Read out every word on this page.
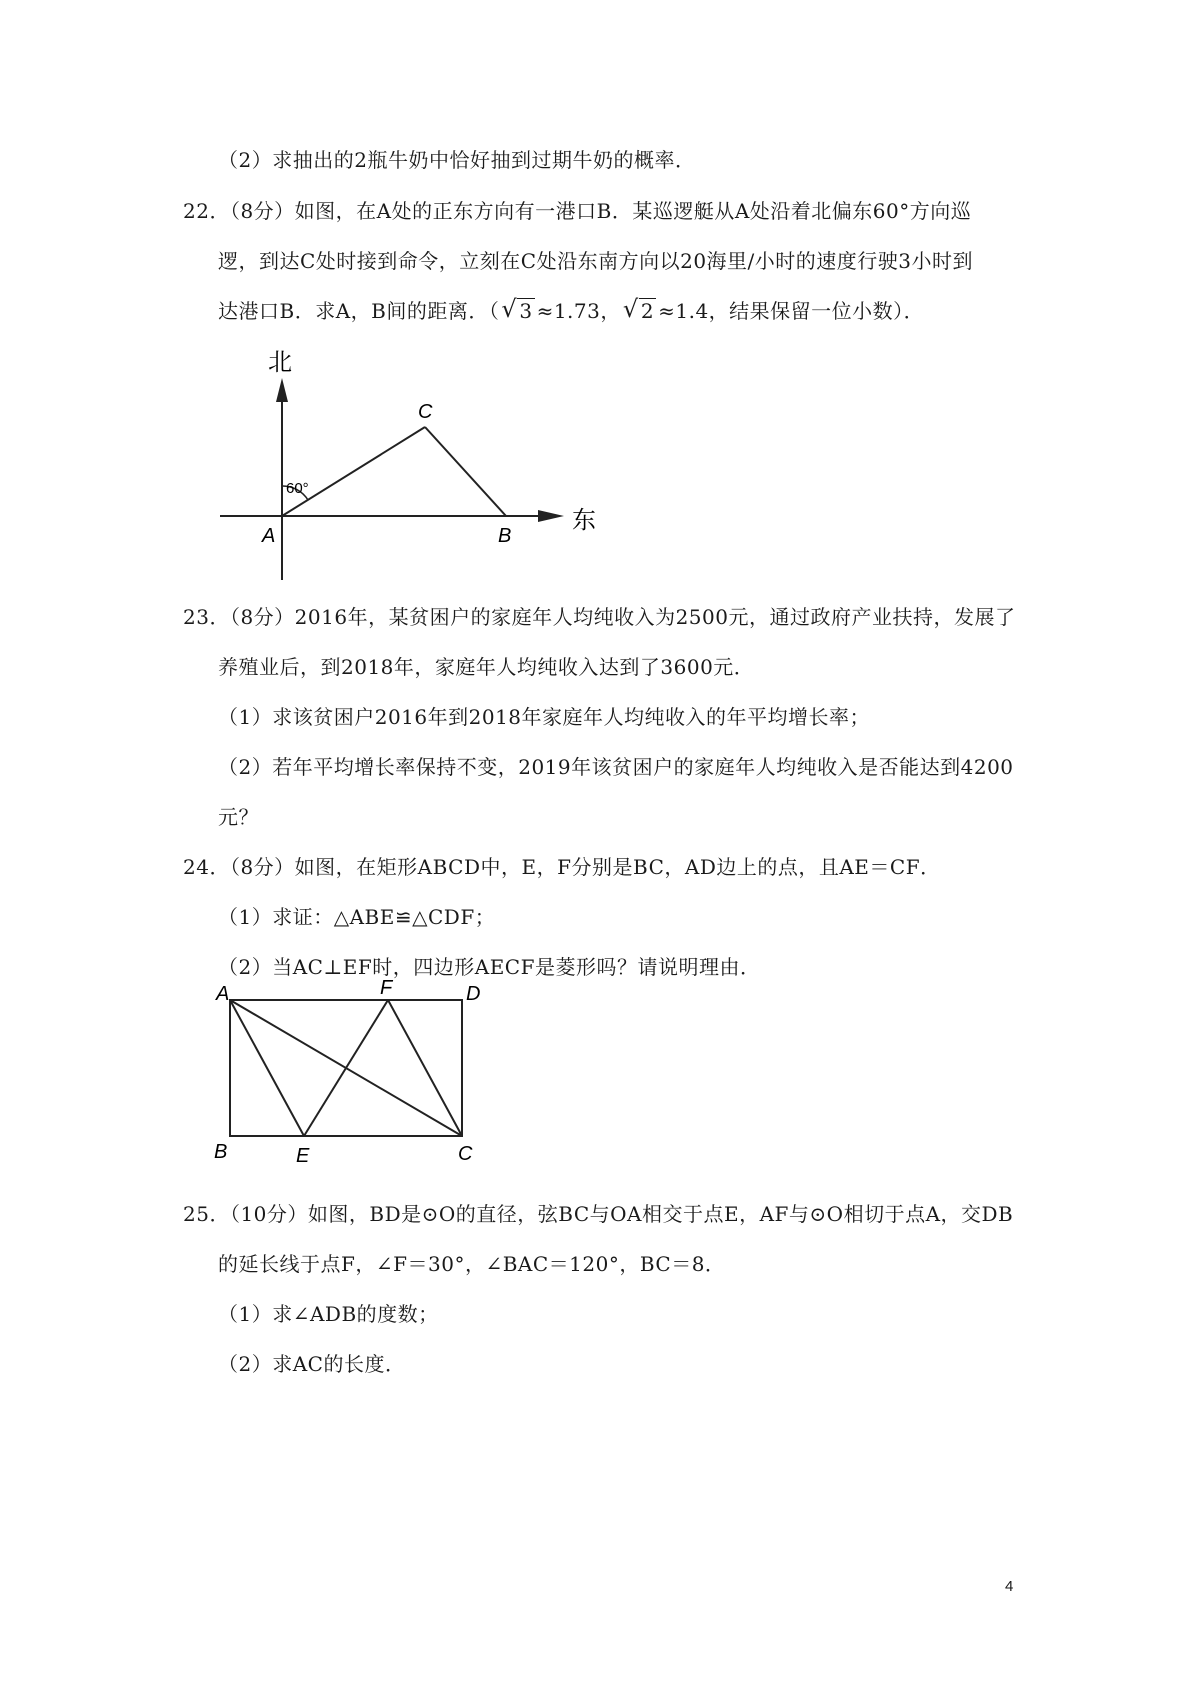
（2）求抽出的2瓶牛奶中恰好抽到过期牛奶的概率．
22．（8分）如图，在A处的正东方向有一港口B．某巡逻艇从A处沿着北偏东60°方向巡
逻，到达C处时接到命令，立刻在C处沿东南方向以20海里/小时的速度行驶3小时到
达港口B．求A，B间的距离．（ √ 3 ≈1.73， √ 2 ≈1.4，结果保留一位小数）．
北
东
60°
A	B
C
23．（8分）2016年，某贫困户的家庭年人均纯收入为2500元，通过政府产业扶持，发展了
养殖业后，到2018年，家庭年人均纯收入达到了3600元．
（1）求该贫困户2016年到2018年家庭年人均纯收入的年平均增长率；
（2）若年平均增长率保持不变，2019年该贫困户的家庭年人均纯收入是否能达到4200
元？
24．（8分）如图，在矩形ABCD中，E，F分别是BC，AD边上的点，且AE＝CF．
（1）求证：△ABE≌△CDF；
（2）当AC⊥EF时，四边形AECF是菱形吗？请说明理由．
A	F	D
B	E	C
25．（10分）如图，BD是⊙O的直径，弦BC与OA相交于点E，AF与⊙O相切于点A，交DB
的延长线于点F，∠F＝30°，∠BAC＝120°，BC＝8．
（1）求∠ADB的度数；
（2）求AC的长度．
4
